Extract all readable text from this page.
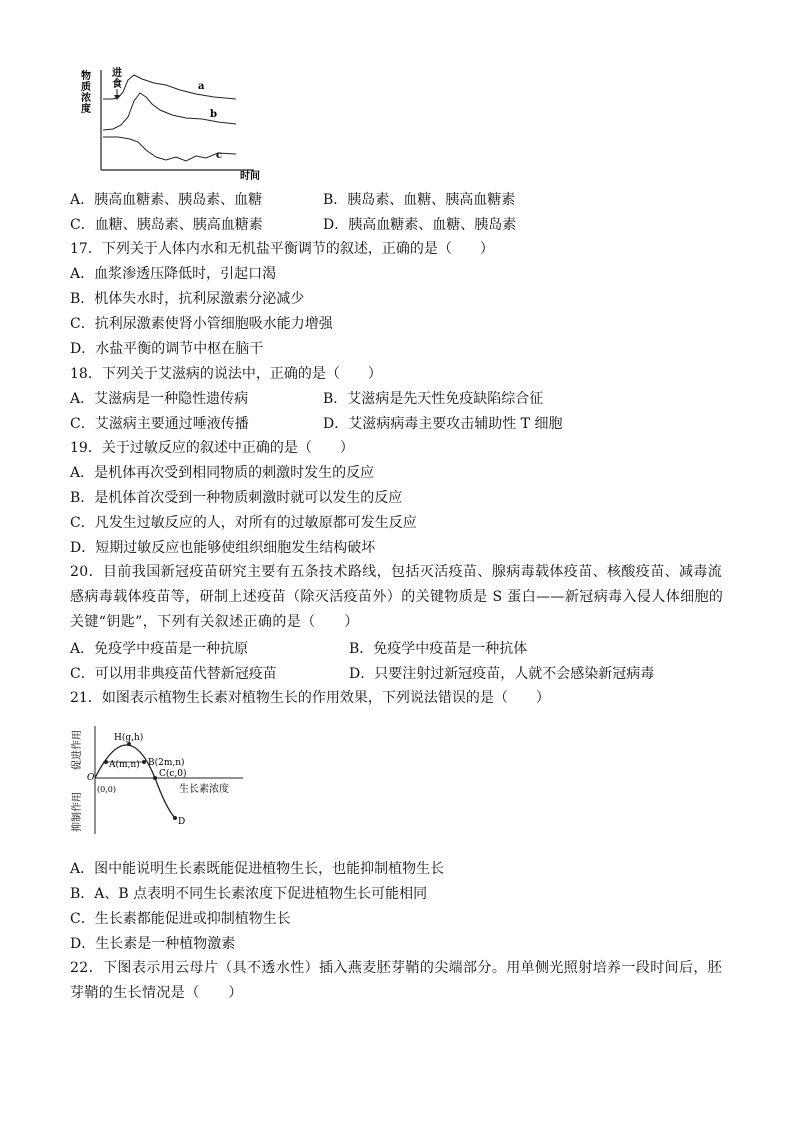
物
质
浓
度
进
食	a
b
c
时间
A．胰高血糖素、胰岛素、血糖	B．胰岛素、血糖、胰高血糖素
C．血糖、胰岛素、胰高血糖素	D．胰高血糖素、血糖、胰岛素
17．下列关于人体内水和无机盐平衡调节的叙述，正确的是（　　）
A．血浆渗透压降低时，引起口渴
B．机体失水时，抗利尿激素分泌减少
C．抗利尿激素使肾小管细胞吸水能力增强
D．水盐平衡的调节中枢在脑干
18．下列关于艾滋病的说法中，正确的是（　　）
A．艾滋病是一种隐性遗传病	B．艾滋病是先天性免疫缺陷综合征
C．艾滋病主要通过唾液传播	D．艾滋病病毒主要攻击辅助性 T 细胞
19．关于过敏反应的叙述中正确的是（　　）
A．是机体再次受到相同物质的刺激时发生的反应
B．是机体首次受到一种物质刺激时就可以发生的反应
C．凡发生过敏反应的人，对所有的过敏原都可发生反应
D．短期过敏反应也能够使组织细胞发生结构破坏
20．目前我国新冠疫苗研究主要有五条技术路线，包括灭活疫苗、腺病毒载体疫苗、核酸疫苗、减毒流感病毒载体疫苗等，研制上述疫苗（除灭活疫苗外）的关键物质是 S 蛋白——新冠病毒入侵人体细胞的关键“钥匙”，下列有关叙述正确的是（　　）
A．免疫学中疫苗是一种抗原	B．免疫学中疫苗是一种抗体
C．可以用非典疫苗代替新冠疫苗	D．只要注射过新冠疫苗，人就不会感染新冠病毒
21．如图表示植物生长素对植物生长的作用效果，下列说法错误的是（　　）
促进作用
抑制作用
H(g,h)
A(m,n) B(2m,n)
C(c,0)
D
O
(0,0)	生长素浓度
A．图中能说明生长素既能促进植物生长，也能抑制植物生长
B．A、B 点表明不同生长素浓度下促进植物生长可能相同
C．生长素都能促进或抑制植物生长
D．生长素是一种植物激素
22．下图表示用云母片（具不透水性）插入燕麦胚芽鞘的尖端部分。用单侧光照射培养一段时间后，胚芽鞘的生长情况是（　　）
